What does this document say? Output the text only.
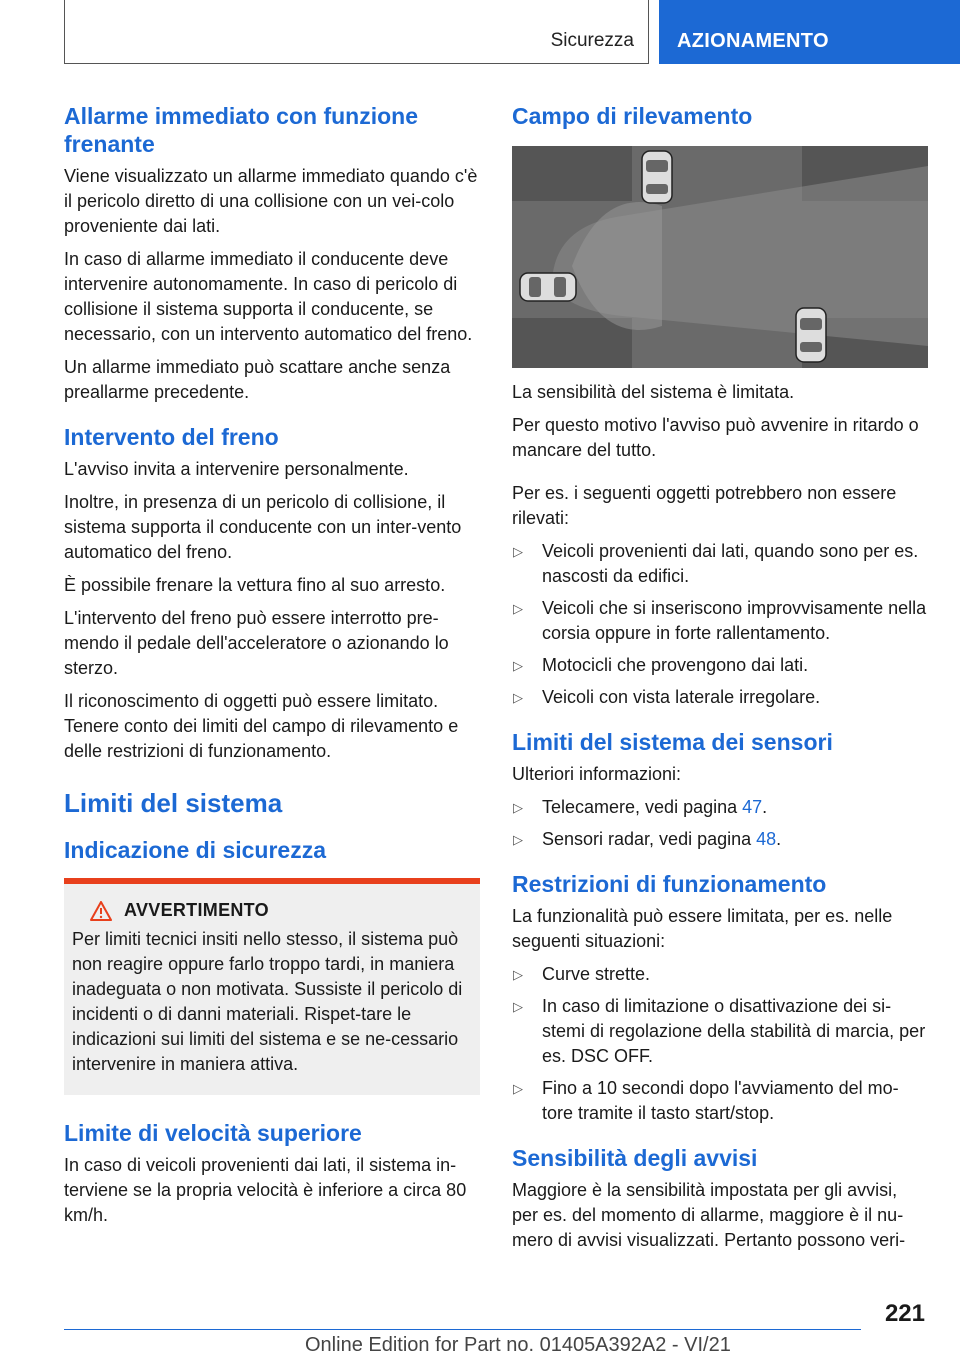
Sicurezza AZIONAMENTO
Allarme immediato con funzione frenante

Viene visualizzato un allarme immediato quando c'è il pericolo diretto di una collisione con un vei-colo proveniente dai lati.

In caso di allarme immediato il conducente deve intervenire autonomamente. In caso di pericolo di collisione il sistema supporta il conducente, se necessario, con un intervento automatico del freno.

Un allarme immediato può scattare anche senza preallarme precedente.

Intervento del freno

L'avviso invita a intervenire personalmente.

Inoltre, in presenza di un pericolo di collisione, il sistema supporta il conducente con un inter-vento automatico del freno.

È possibile frenare la vettura fino al suo arresto.

L'intervento del freno può essere interrotto pre-mendo il pedale dell'acceleratore o azionando lo sterzo.

Il riconoscimento di oggetti può essere limitato. Tenere conto dei limiti del campo di rilevamento e delle restrizioni di funzionamento.

Limiti del sistema
Indicazione di sicurezza
AVVERTIMENTO

Per limiti tecnici insiti nello stesso, il sistema può non reagire oppure farlo troppo tardi, in maniera inadeguata o non motivata. Sussiste il pericolo di incidenti o di danni materiali. Rispet-tare le indicazioni sui limiti del sistema e se ne-cessario intervenire in maniera attiva.

Limite di velocità superiore

In caso di veicoli provenienti dai lati, il sistema in-terviene se la propria velocità è inferiore a circa 80 km/h.

Campo di rilevamento

La sensibilità del sistema è limitata.

Per questo motivo l'avviso può avvenire in ritardo o mancare del tutto.

Per es. i seguenti oggetti potrebbero non essere rilevati:

▷	Veicoli provenienti dai lati, quando sono per es. nascosti da edifici.
▷	Veicoli che si inseriscono improvvisamente nella corsia oppure in forte rallentamento.
▷	Motocicli che provengono dai lati.
▷	Veicoli con vista laterale irregolare.
Limiti del sistema dei sensori

Ulteriori informazioni:

▷	Telecamere, vedi pagina 47.
▷	Sensori radar, vedi pagina 48.
Restrizioni di funzionamento

La funzionalità può essere limitata, per es. nelle seguenti situazioni:

▷	Curve strette.
▷	In caso di limitazione o disattivazione dei si-stemi di regolazione della stabilità di marcia, per es. DSC OFF.
▷	Fino a 10 secondi dopo l'avviamento del mo-tore tramite il tasto start/stop.
Sensibilità degli avvisi

Maggiore è la sensibilità impostata per gli avvisi, per es. del momento di allarme, maggiore è il nu-mero di avvisi visualizzati. Pertanto possono veri-

221
Online Edition for Part no. 01405A392A2 - VI/21
